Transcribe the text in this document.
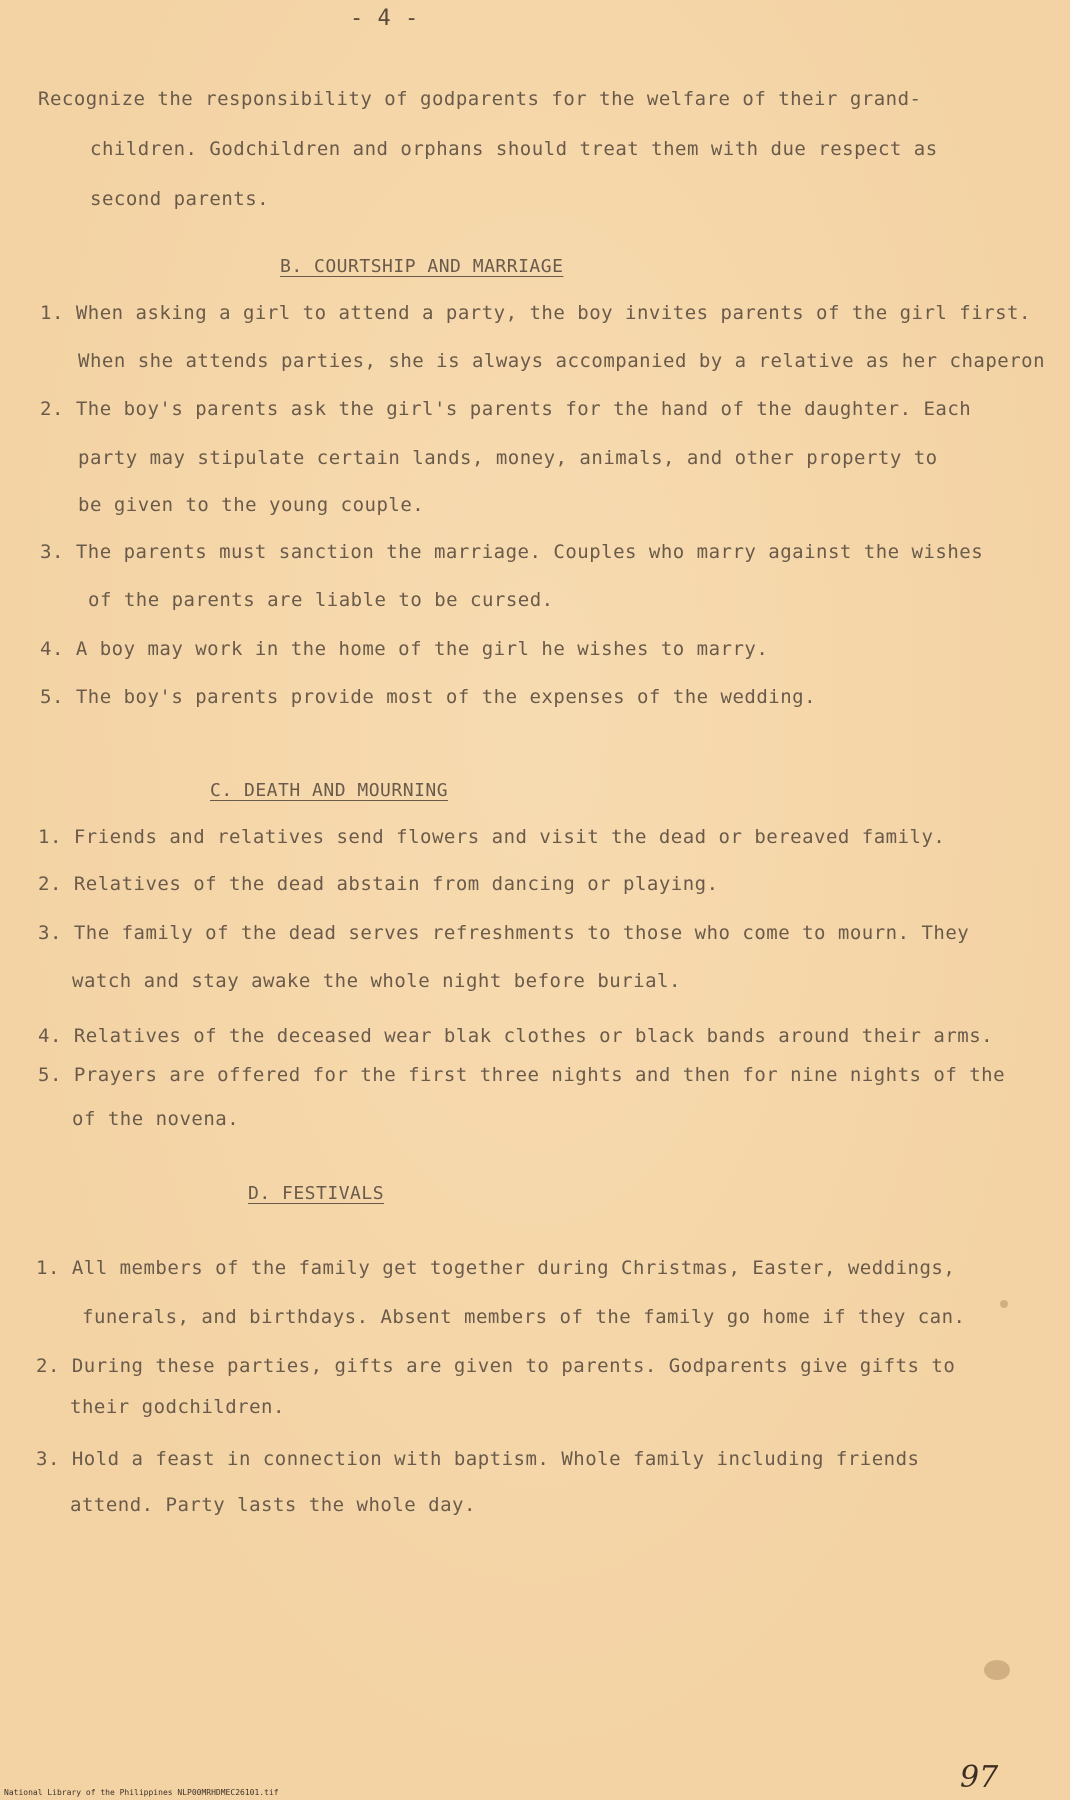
- 4 -
Recognize the responsibility of godparents for the welfare of their grand-
children. Godchildren and orphans should treat them with due respect as
second parents.
B. COURTSHIP AND MARRIAGE
1. When asking a girl to attend a party, the boy invites parents of the girl first.
When she attends parties, she is always accompanied by a relative as her chaperon
2. The boy's parents ask the girl's parents for the hand of the daughter. Each
party may stipulate certain lands, money, animals, and other property to
be given to the young couple.
3. The parents must sanction the marriage. Couples who marry against the wishes
of the parents are liable to be cursed.
4. A boy may work in the home of the girl he wishes to marry.
5. The boy's parents provide most of the expenses of the wedding.
C. DEATH AND MOURNING
1. Friends and relatives send flowers and visit the dead or bereaved family.
2. Relatives of the dead abstain from dancing or playing.
3. The family of the dead serves refreshments to those who come to mourn. They
watch and stay awake the whole night before burial.
4. Relatives of the deceased wear blak clothes or black bands around their arms.
5. Prayers are offered for the first three nights and then for nine nights of the
of the novena.
D. FESTIVALS
1. All members of the family get together during Christmas, Easter, weddings,
funerals, and birthdays. Absent members of the family go home if they can.
2. During these parties, gifts are given to parents. Godparents give gifts to
their godchildren.
3. Hold a feast in connection with baptism. Whole family including friends
attend. Party lasts the whole day.
97
National Library of the Philippines NLP00MRHDMEC26101.tif
